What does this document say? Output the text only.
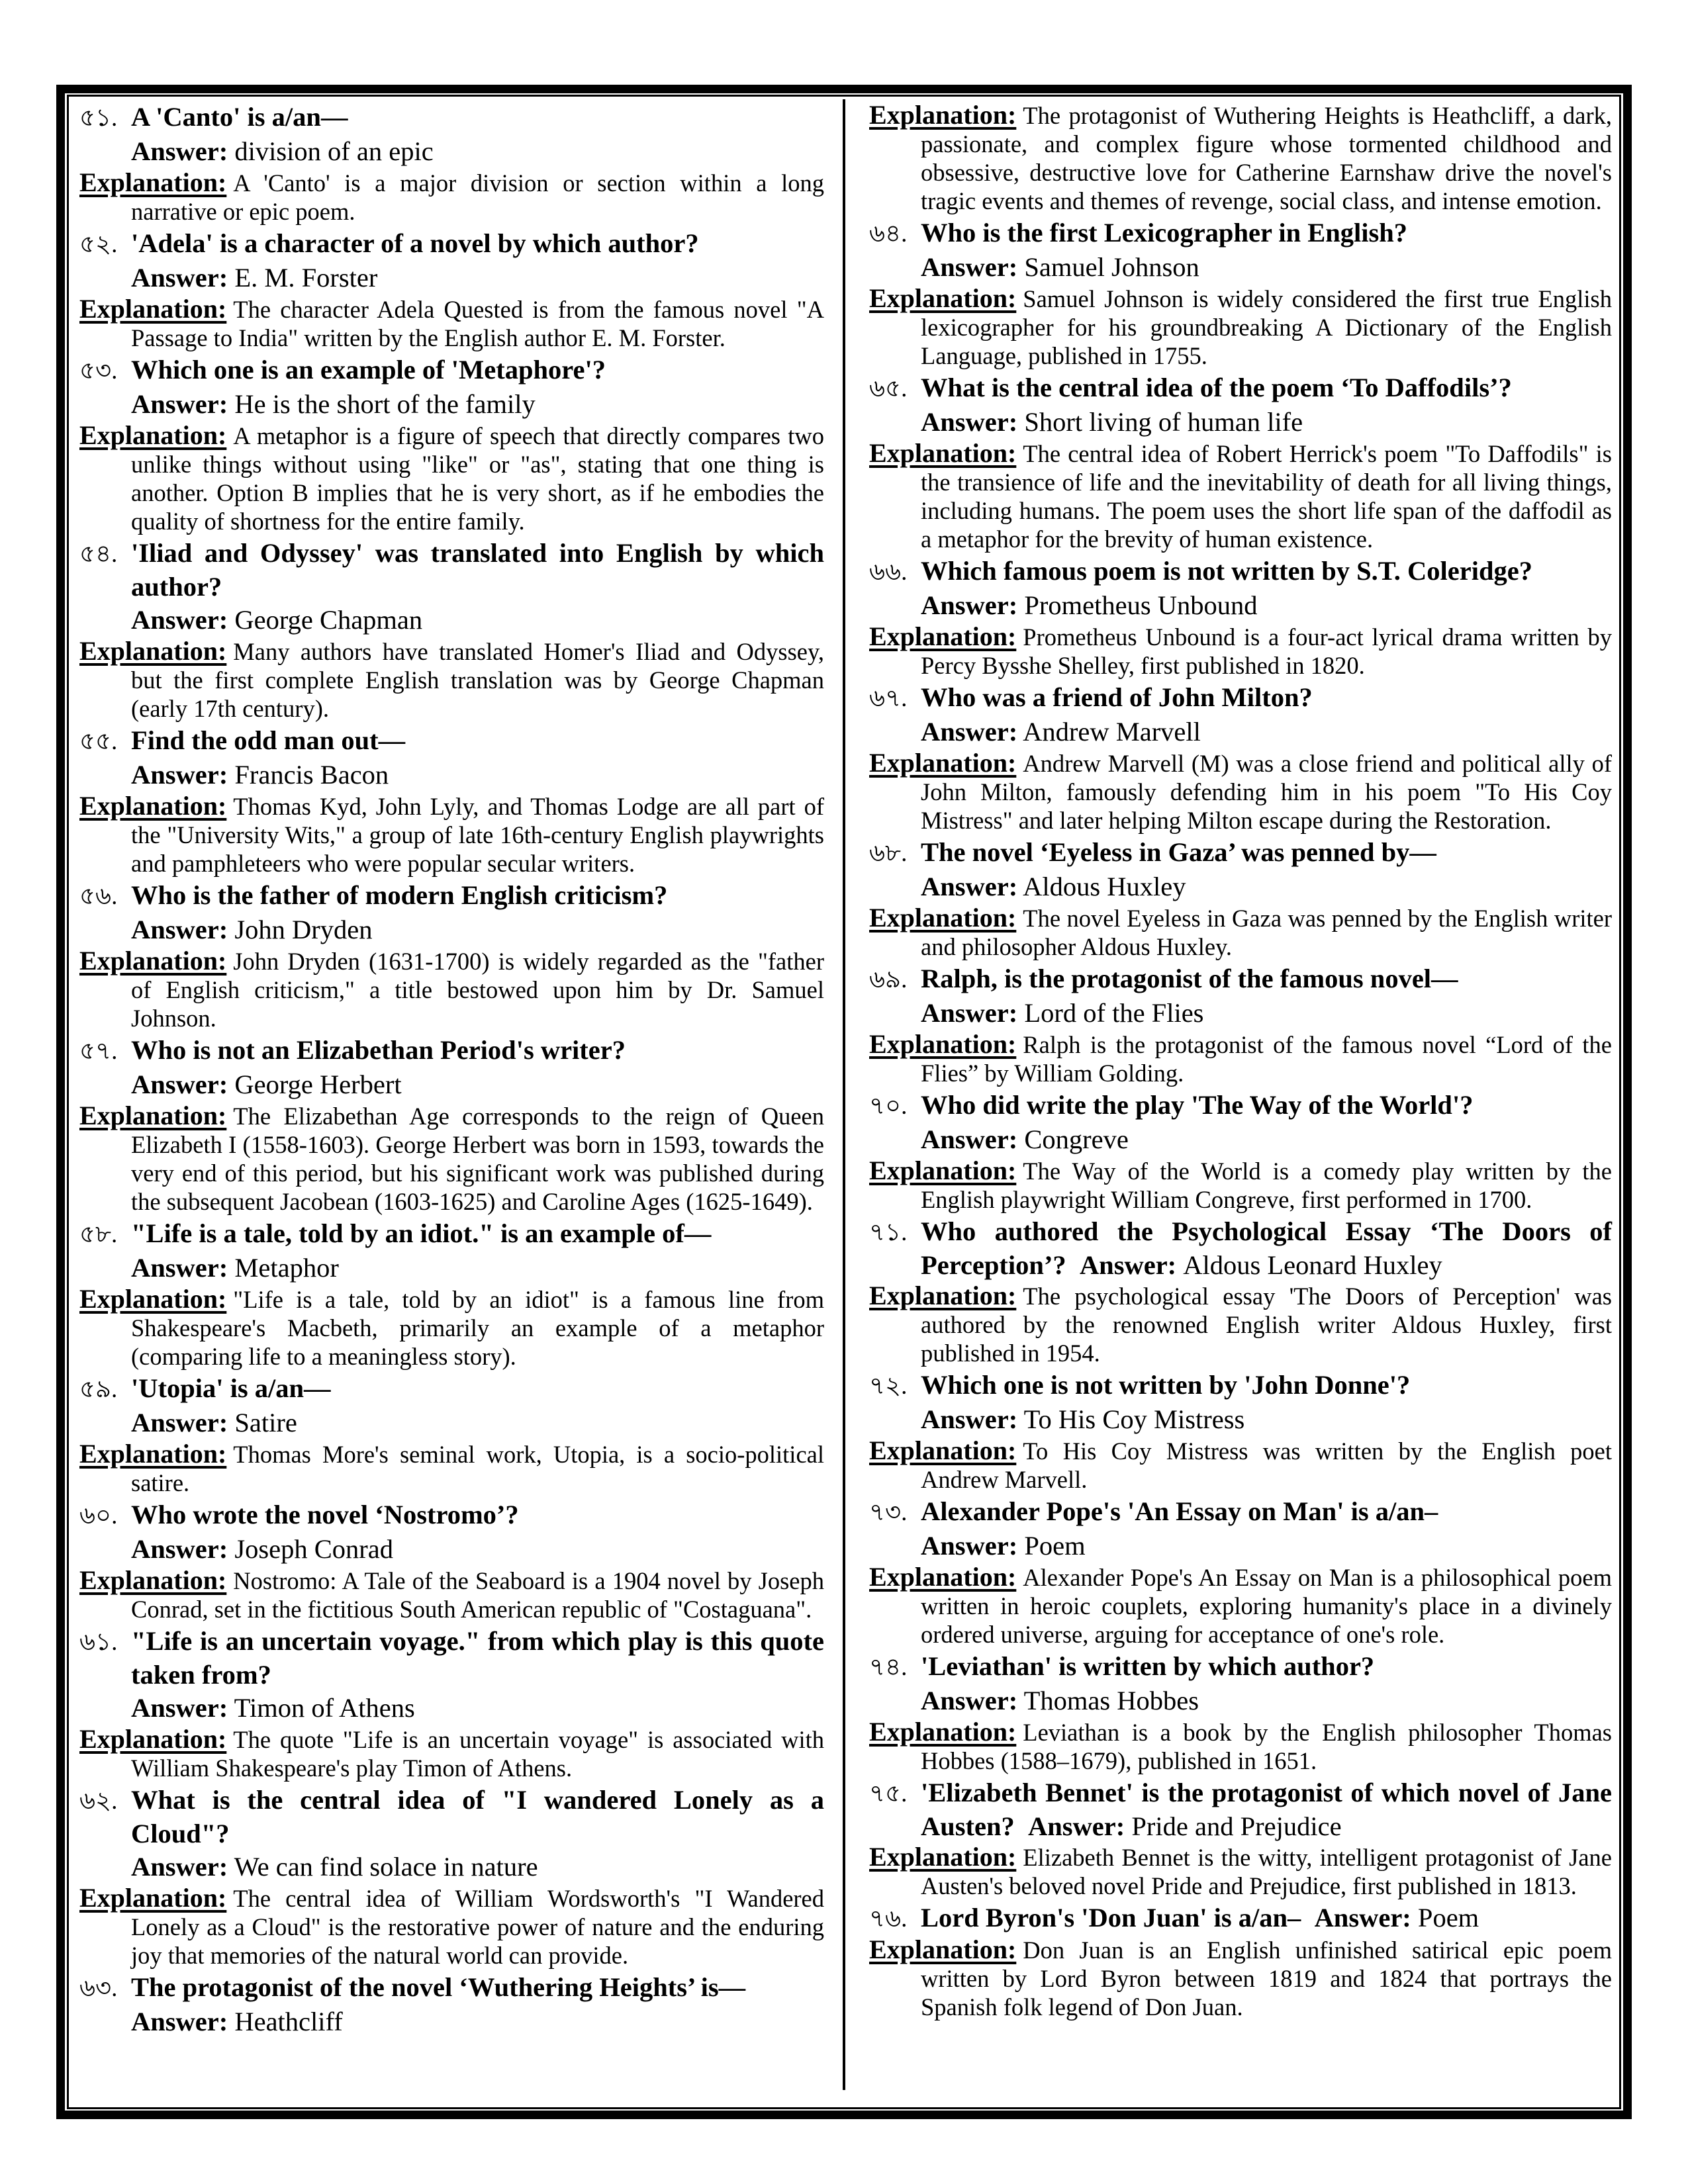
৫১. A 'Canto' is a/an—

Answer: division of an epic

Explanation: A 'Canto' is a major division or section within a long narrative or epic poem.

৫২. 'Adela' is a character of a novel by which author?

Answer: E. M. Forster

Explanation: The character Adela Quested is from the famous novel "A Passage to India" written by the English author E. M. Forster.

৫৩. Which one is an example of 'Metaphore'?

Answer: He is the short of the family

Explanation: A metaphor is a figure of speech that directly compares two unlike things without using "like" or "as", stating that one thing is another. Option B implies that he is very short, as if he embodies the quality of shortness for the entire family.

৫৪. 'Iliad and Odyssey' was translated into English by which author?

Answer: George Chapman

Explanation: Many authors have translated Homer's Iliad and Odyssey, but the first complete English translation was by George Chapman (early 17th century).

৫৫. Find the odd man out—

Answer: Francis Bacon

Explanation: Thomas Kyd, John Lyly, and Thomas Lodge are all part of the "University Wits," a group of late 16th-century English playwrights and pamphleteers who were popular secular writers.

৫৬. Who is the father of modern English criticism?

Answer: John Dryden

Explanation: John Dryden (1631-1700) is widely regarded as the "father of English criticism," a title bestowed upon him by Dr. Samuel Johnson.

৫৭. Who is not an Elizabethan Period's writer?

Answer: George Herbert

Explanation: The Elizabethan Age corresponds to the reign of Queen Elizabeth I (1558-1603). George Herbert was born in 1593, towards the very end of this period, but his significant work was published during the subsequent Jacobean (1603-1625) and Caroline Ages (1625-1649).

৫৮. "Life is a tale, told by an idiot." is an example of—

Answer: Metaphor

Explanation: "Life is a tale, told by an idiot" is a famous line from Shakespeare's Macbeth, primarily an example of a metaphor (comparing life to a meaningless story).

৫৯. 'Utopia' is a/an—

Answer: Satire

Explanation: Thomas More's seminal work, Utopia, is a socio-political satire.

৬০. Who wrote the novel ‘Nostromo’?

Answer: Joseph Conrad

Explanation: Nostromo: A Tale of the Seaboard is a 1904 novel by Joseph Conrad, set in the fictitious South American republic of "Costaguana".

৬১. "Life is an uncertain voyage." from which play is this quote taken from?

Answer: Timon of Athens

Explanation: The quote "Life is an uncertain voyage" is associated with William Shakespeare's play Timon of Athens.

৬২. What is the central idea of "I wandered Lonely as a Cloud"?

Answer: We can find solace in nature

Explanation: The central idea of William Wordsworth's "I Wandered Lonely as a Cloud" is the restorative power of nature and the enduring joy that memories of the natural world can provide.

৬৩. The protagonist of the novel ‘Wuthering Heights’ is—

Answer: Heathcliff

Explanation: The protagonist of Wuthering Heights is Heathcliff, a dark, passionate, and complex figure whose tormented childhood and obsessive, destructive love for Catherine Earnshaw drive the novel's tragic events and themes of revenge, social class, and intense emotion.

৬৪. Who is the first Lexicographer in English?

Answer: Samuel Johnson

Explanation: Samuel Johnson is widely considered the first true English lexicographer for his groundbreaking A Dictionary of the English Language, published in 1755.

৬৫. What is the central idea of the poem ‘To Daffodils’?

Answer: Short living of human life

Explanation: The central idea of Robert Herrick's poem "To Daffodils" is the transience of life and the inevitability of death for all living things, including humans. The poem uses the short life span of the daffodil as a metaphor for the brevity of human existence.

৬৬. Which famous poem is not written by S.T. Coleridge?

Answer: Prometheus Unbound

Explanation: Prometheus Unbound is a four-act lyrical drama written by Percy Bysshe Shelley, first published in 1820.

৬৭. Who was a friend of John Milton?

Answer: Andrew Marvell

Explanation: Andrew Marvell (M) was a close friend and political ally of John Milton, famously defending him in his poem "To His Coy Mistress" and later helping Milton escape during the Restoration.

৬৮. The novel ‘Eyeless in Gaza’ was penned by—

Answer: Aldous Huxley

Explanation: The novel Eyeless in Gaza was penned by the English writer and philosopher Aldous Huxley.

৬৯. Ralph, is the protagonist of the famous novel—

Answer: Lord of the Flies

Explanation: Ralph is the protagonist of the famous novel “Lord of the Flies” by William Golding.

৭০. Who did write the play 'The Way of the World'?

Answer: Congreve

Explanation: The Way of the World is a comedy play written by the English playwright William Congreve, first performed in 1700.

৭১. Who authored the Psychological Essay ‘The Doors of Perception’? Answer: Aldous Leonard Huxley

Explanation: The psychological essay 'The Doors of Perception' was authored by the renowned English writer Aldous Huxley, first published in 1954.

৭২. Which one is not written by 'John Donne'?

Answer: To His Coy Mistress

Explanation: To His Coy Mistress was written by the English poet Andrew Marvell.

৭৩. Alexander Pope's 'An Essay on Man' is a/an–

Answer: Poem

Explanation: Alexander Pope's An Essay on Man is a philosophical poem written in heroic couplets, exploring humanity's place in a divinely ordered universe, arguing for acceptance of one's role.

৭৪. 'Leviathan' is written by which author?

Answer: Thomas Hobbes

Explanation: Leviathan is a book by the English philosopher Thomas Hobbes (1588–1679), published in 1651.

৭৫. 'Elizabeth Bennet' is the protagonist of which novel of Jane Austen? Answer: Pride and Prejudice

Explanation: Elizabeth Bennet is the witty, intelligent protagonist of Jane Austen's beloved novel Pride and Prejudice, first published in 1813.

৭৬. Lord Byron's 'Don Juan' is a/an– Answer: Poem

Explanation: Don Juan is an English unfinished satirical epic poem written by Lord Byron between 1819 and 1824 that portrays the Spanish folk legend of Don Juan.
